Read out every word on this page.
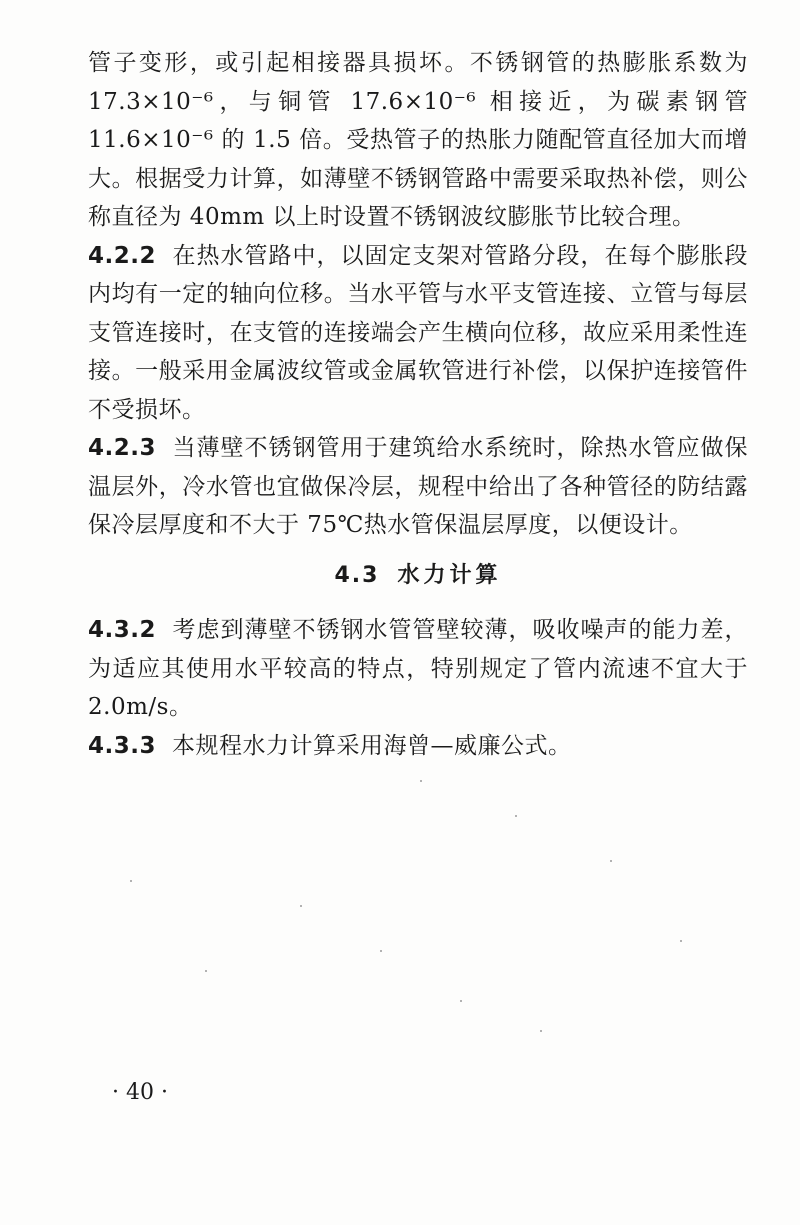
管子变形，或引起相接器具损坏。不锈钢管的热膨胀系数为 17.3×10⁻⁶，与铜管 17.6×10⁻⁶ 相接近，为碳素钢管 11.6×10⁻⁶ 的 1.5 倍。受热管子的热胀力随配管直径加大而增大。根据受力计算，如薄壁不锈钢管路中需要采取热补偿，则公称直径为 40mm 以上时设置不锈钢波纹膨胀节比较合理。

4.2.2 在热水管路中，以固定支架对管路分段，在每个膨胀段内均有一定的轴向位移。当水平管与水平支管连接、立管与每层支管连接时，在支管的连接端会产生横向位移，故应采用柔性连接。一般采用金属波纹管或金属软管进行补偿，以保护连接管件不受损坏。

4.2.3 当薄壁不锈钢管用于建筑给水系统时，除热水管应做保温层外，冷水管也宜做保冷层，规程中给出了各种管径的防结露保冷层厚度和不大于 75℃热水管保温层厚度，以便设计。

4.3 水力计算

4.3.2 考虑到薄壁不锈钢水管管壁较薄，吸收噪声的能力差，为适应其使用水平较高的特点，特别规定了管内流速不宜大于 2.0m/s。

4.3.3 本规程水力计算采用海曾—威廉公式。

· 40 ·
